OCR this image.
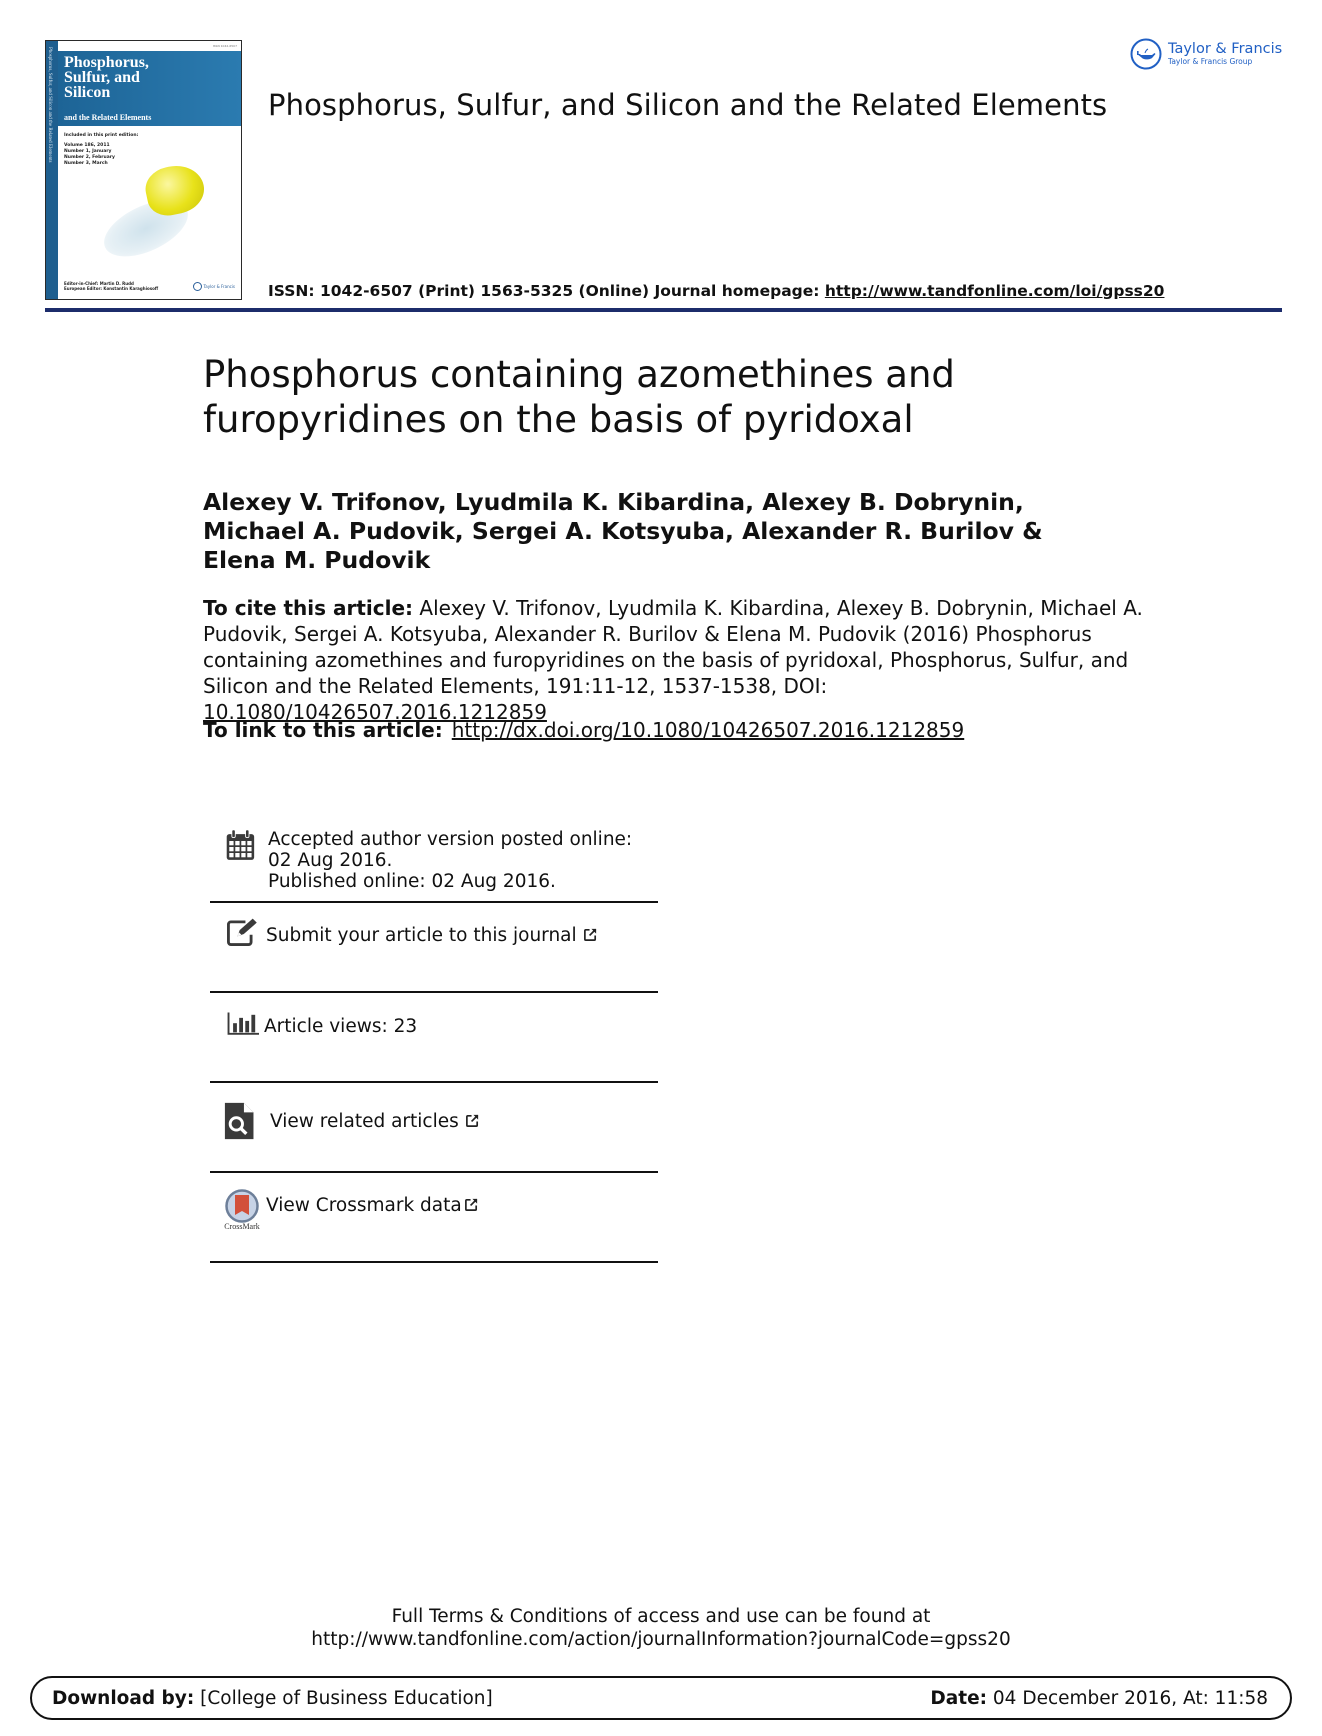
Phosphorus, Sulfur, and Silicon and the Related Elements
ISSN 1042-6507
Phosphorus,
Sulfur, and
Silicon
and the Related Elements
Included in this print edition:
Volume 186, 2011
Number 1, January
Number 2, February
Number 3, March
Editor-in-Chief: Martin D. Rudd
European Editor: Konstantin Karaghiosoff	Taylor & Francis
Phosphorus, Sulfur, and Silicon and the Related Elements
Taylor & Francis
Taylor & Francis Group
ISSN: 1042-6507 (Print) 1563-5325 (Online) Journal homepage: http://www.tandfonline.com/loi/gpss20
Phosphorus containing azomethines and furopyridines on the basis of pyridoxal
Alexey V. Trifonov, Lyudmila K. Kibardina, Alexey B. Dobrynin, Michael A. Pudovik, Sergei A. Kotsyuba, Alexander R. Burilov & Elena M. Pudovik
To cite this article: Alexey V. Trifonov, Lyudmila K. Kibardina, Alexey B. Dobrynin, Michael A. Pudovik, Sergei A. Kotsyuba, Alexander R. Burilov & Elena M. Pudovik (2016) Phosphorus containing azomethines and furopyridines on the basis of pyridoxal, Phosphorus, Sulfur, and Silicon and the Related Elements, 191:11-12, 1537-1538, DOI: 10.1080/10426507.2016.1212859
To link to this article: http://dx.doi.org/10.1080/10426507.2016.1212859
Accepted author version posted online: 02 Aug 2016.
Published online: 02 Aug 2016.
Submit your article to this journal
Article views: 23
View related articles
CrossMark
View Crossmark data
Full Terms & Conditions of access and use can be found at
http://www.tandfonline.com/action/journalInformation?journalCode=gpss20
Download by: [College of Business Education]	Date: 04 December 2016, At: 11:58
